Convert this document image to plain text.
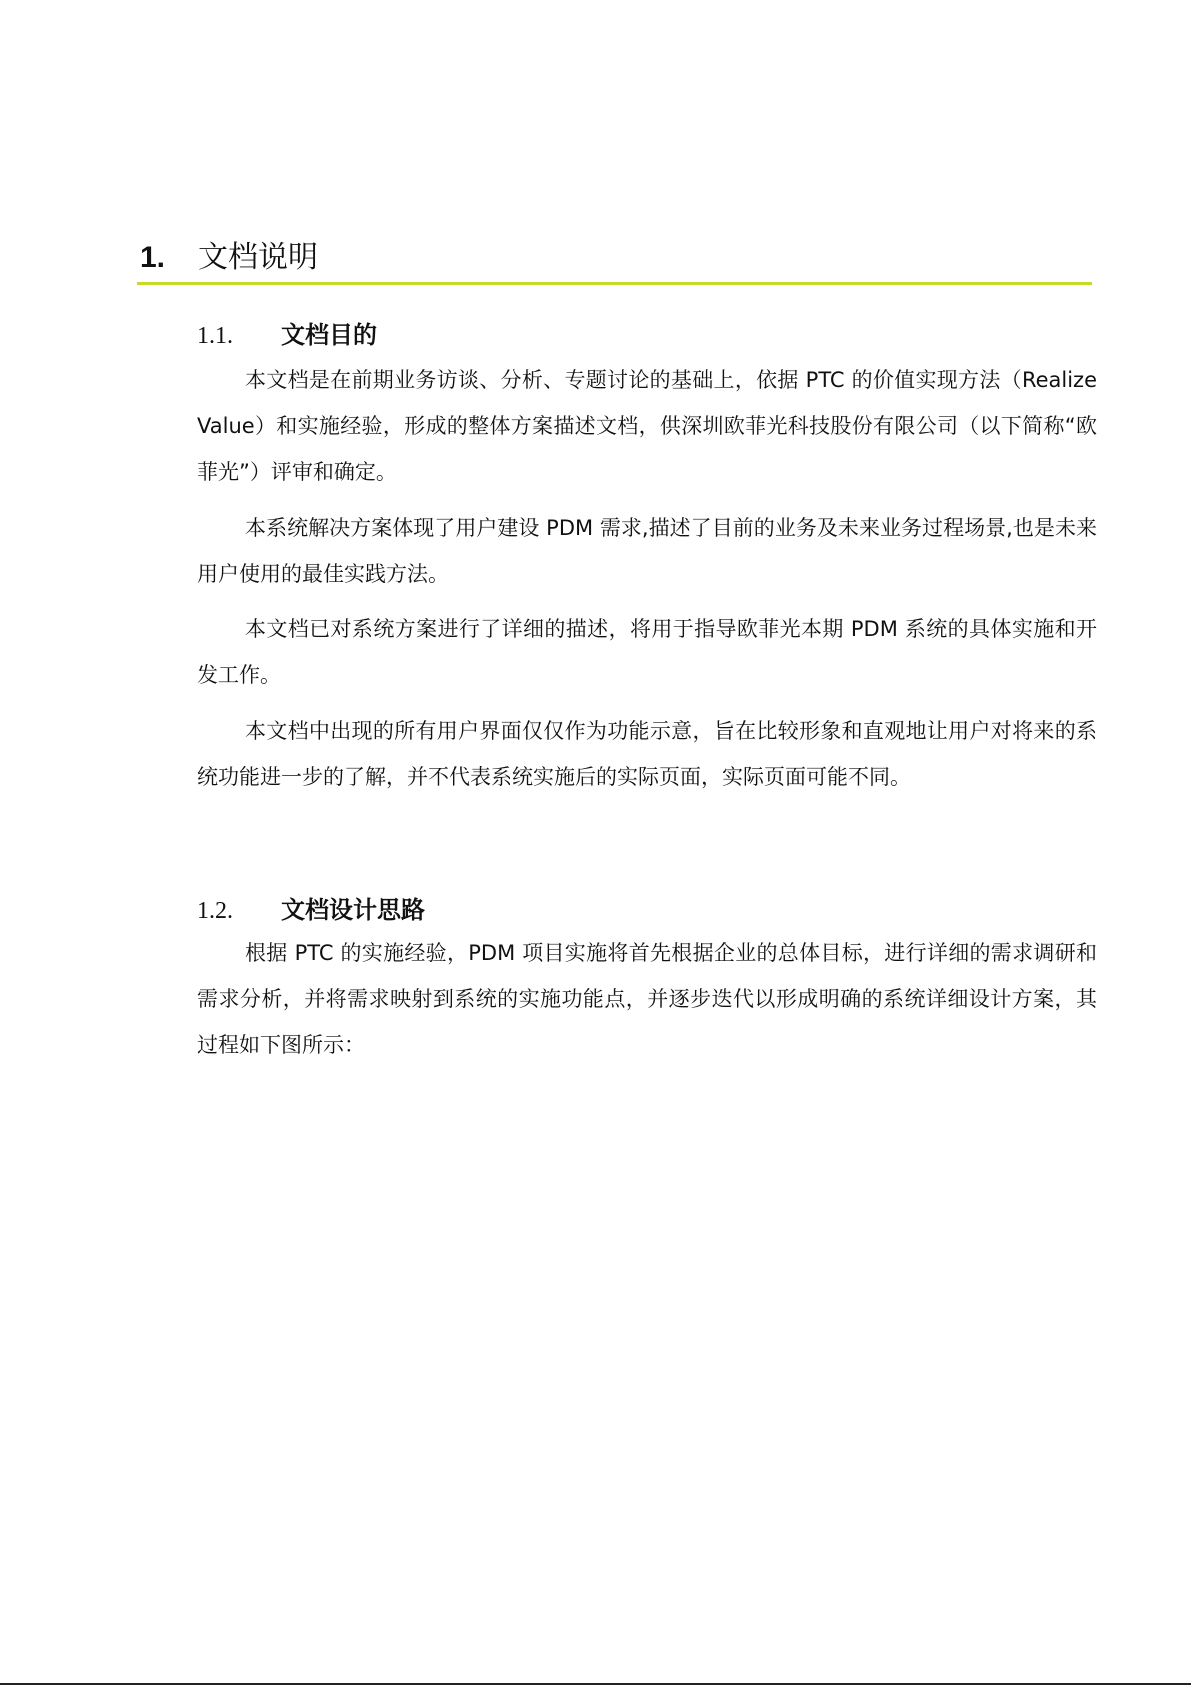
1.	文档说明
1.1.	文档目的

本文档是在前期业务访谈、分析、专题讨论的基础上，依据 PTC 的价值实现方法（Realize Value）和实施经验，形成的整体方案描述文档，供深圳欧菲光科技股份有限公司（以下简称“欧菲光”）评审和确定。

本系统解决方案体现了用户建设 PDM 需求,描述了目前的业务及未来业务过程场景,也是未来用户使用的最佳实践方法。

本文档已对系统方案进行了详细的描述，将用于指导欧菲光本期 PDM 系统的具体实施和开发工作。

本文档中出现的所有用户界面仅仅作为功能示意，旨在比较形象和直观地让用户对将来的系统功能进一步的了解，并不代表系统实施后的实际页面，实际页面可能不同。

1.2.	文档设计思路

根据 PTC 的实施经验，PDM 项目实施将首先根据企业的总体目标，进行详细的需求调研和需求分析，并将需求映射到系统的实施功能点，并逐步迭代以形成明确的系统详细设计方案，其过程如下图所示：
